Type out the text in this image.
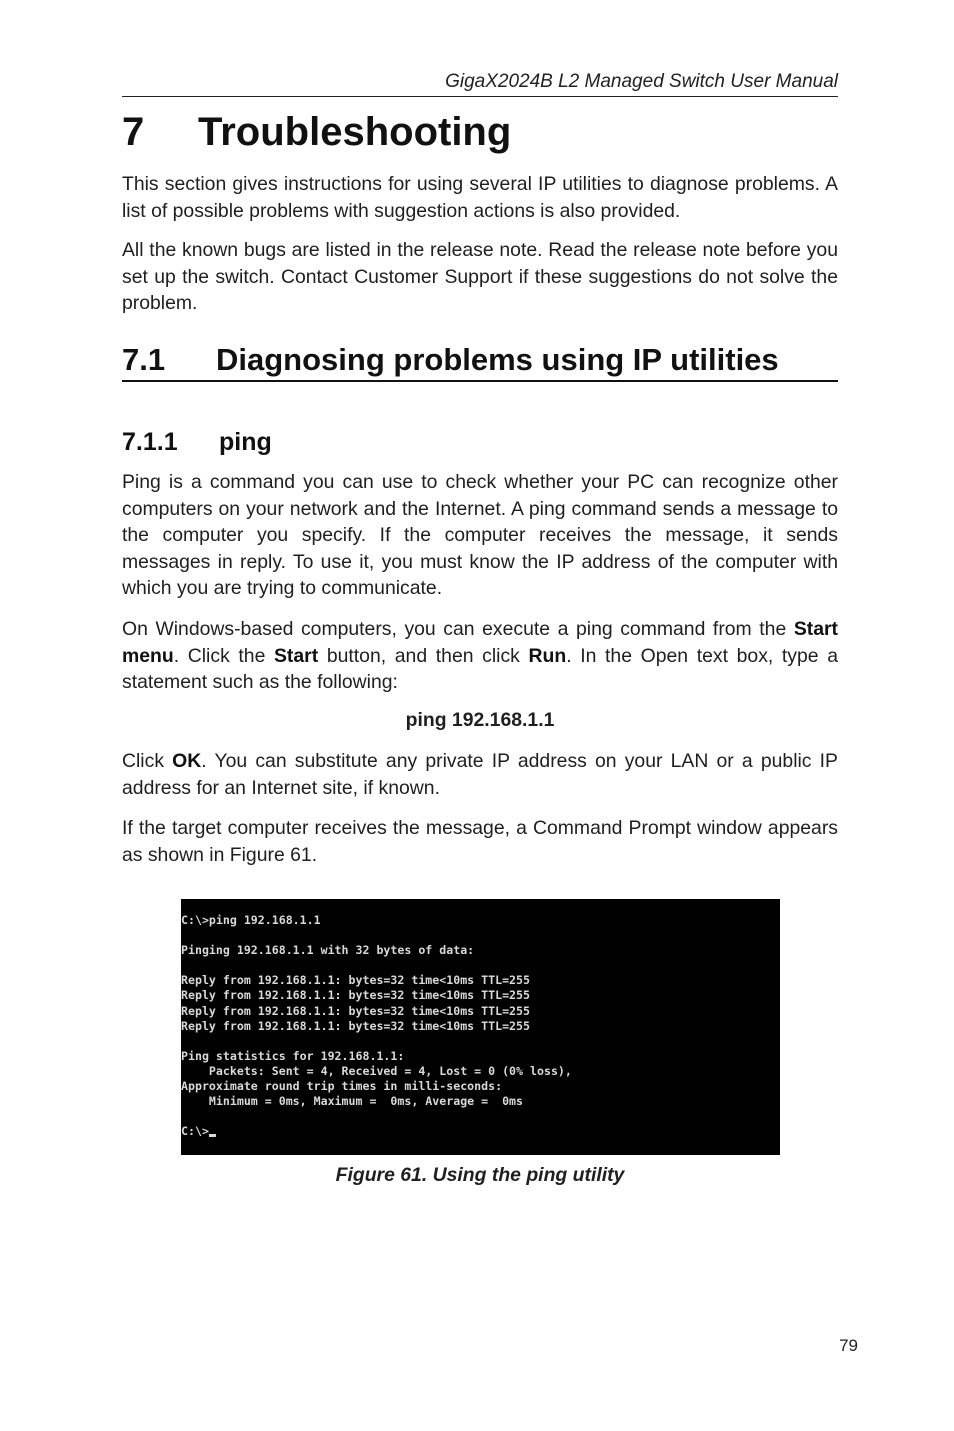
GigaX2024B L2 Managed Switch User Manual
7 Troubleshooting

This section gives instructions for using several IP utilities to diagnose problems. A list of possible problems with suggestion actions is also provided.

All the known bugs are listed in the release note. Read the release note before you set up the switch. Contact Customer Support if these suggestions do not solve the problem.

7.1 Diagnosing problems using IP utilities
7.1.1 ping

Ping is a command you can use to check whether your PC can recognize other computers on your network and the Internet. A ping command sends a message to the computer you specify. If the computer receives the message, it sends messages in reply. To use it, you must know the IP address of the computer with which you are trying to communicate.

On Windows-based computers, you can execute a ping command from the Start menu. Click the Start button, and then click Run. In the Open text box, type a statement such as the following:

ping 192.168.1.1

Click OK. You can substitute any private IP address on your LAN or a public IP address for an Internet site, if known.

If the target computer receives the message, a Command Prompt window appears as shown in Figure 61.

C:\>ping 192.168.1.1
Pinging 192.168.1.1 with 32 bytes of data:
Reply from 192.168.1.1: bytes=32 time<10ms TTL=255
Reply from 192.168.1.1: bytes=32 time<10ms TTL=255
Reply from 192.168.1.1: bytes=32 time<10ms TTL=255
Reply from 192.168.1.1: bytes=32 time<10ms TTL=255
Ping statistics for 192.168.1.1:
Packets: Sent = 4, Received = 4, Lost = 0 (0% loss),
Approximate round trip times in milli-seconds:
Minimum = 0ms, Maximum =  0ms, Average =  0ms
C:\>
Figure 61. Using the ping utility
79
